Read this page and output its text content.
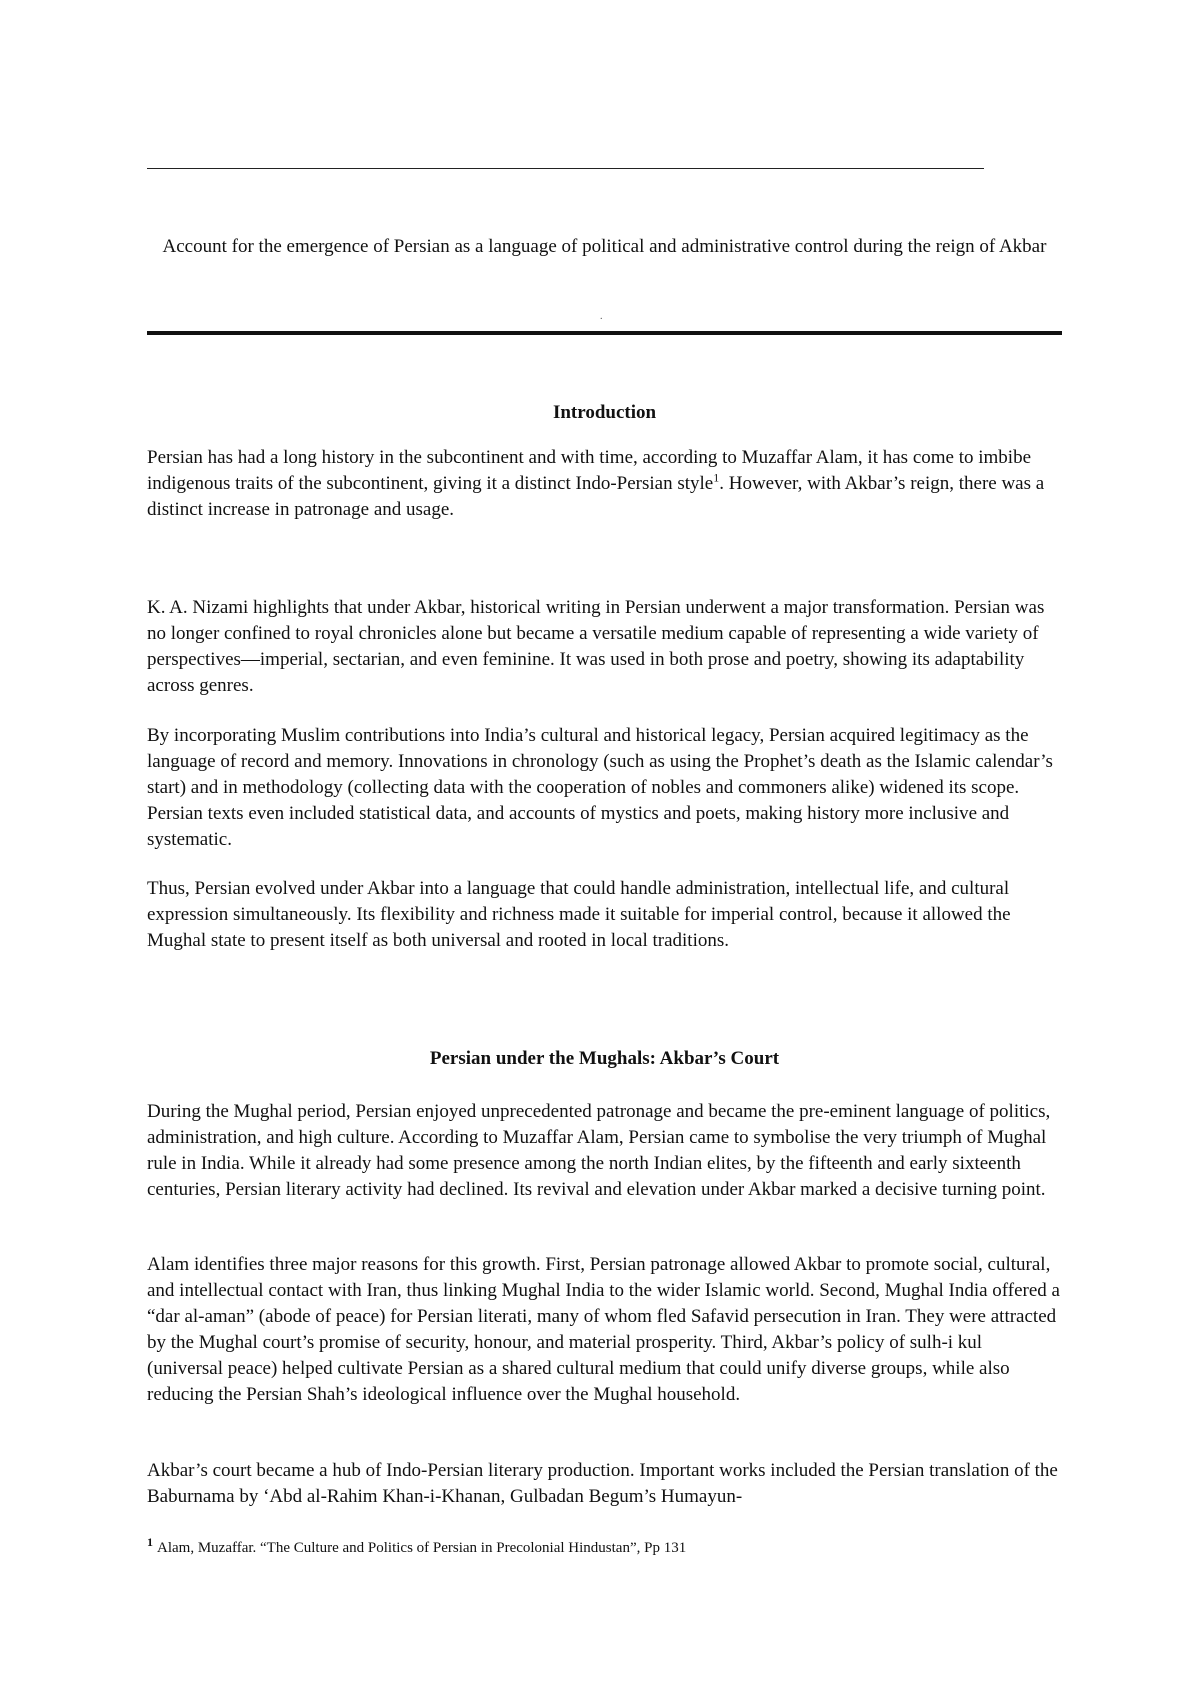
Account for the emergence of Persian as a language of political and administrative control during the reign of Akbar
.
Introduction

Persian has had a long history in the subcontinent and with time, according to Muzaffar Alam, it has come to imbibe indigenous traits of the subcontinent, giving it a distinct Indo-Persian style$^1$. However, with Akbar’s reign, there was a distinct increase in patronage and usage.

K. A. Nizami highlights that under Akbar, historical writing in Persian underwent a major transformation. Persian was no longer confined to royal chronicles alone but became a versatile medium capable of representing a wide variety of perspectives—imperial, sectarian, and even feminine. It was used in both prose and poetry, showing its adaptability across genres.

By incorporating Muslim contributions into India’s cultural and historical legacy, Persian acquired legitimacy as the language of record and memory. Innovations in chronology (such as using the Prophet’s death as the Islamic calendar’s start) and in methodology (collecting data with the cooperation of nobles and commoners alike) widened its scope. Persian texts even included statistical data, and accounts of mystics and poets, making history more inclusive and systematic.

Thus, Persian evolved under Akbar into a language that could handle administration, intellectual life, and cultural expression simultaneously. Its flexibility and richness made it suitable for imperial control, because it allowed the Mughal state to present itself as both universal and rooted in local traditions.

Persian under the Mughals: Akbar’s Court

During the Mughal period, Persian enjoyed unprecedented patronage and became the pre-eminent language of politics, administration, and high culture. According to Muzaffar Alam, Persian came to symbolise the very triumph of Mughal rule in India. While it already had some presence among the north Indian elites, by the fifteenth and early sixteenth centuries, Persian literary activity had declined. Its revival and elevation under Akbar marked a decisive turning point.

Alam identifies three major reasons for this growth. First, Persian patronage allowed Akbar to promote social, cultural, and intellectual contact with Iran, thus linking Mughal India to the wider Islamic world. Second, Mughal India offered a “dar al-aman” (abode of peace) for Persian literati, many of whom fled Safavid persecution in Iran. They were attracted by the Mughal court’s promise of security, honour, and material prosperity. Third, Akbar’s policy of sulh-i kul (universal peace) helped cultivate Persian as a shared cultural medium that could unify diverse groups, while also reducing the Persian Shah’s ideological influence over the Mughal household.

Akbar’s court became a hub of Indo-Persian literary production. Important works included the Persian translation of the Baburnama by ‘Abd al-Rahim Khan-i-Khanan, Gulbadan Begum’s Humayun-

$^1$ Alam, Muzaffar. “The Culture and Politics of Persian in Precolonial Hindustan”, Pp 131
